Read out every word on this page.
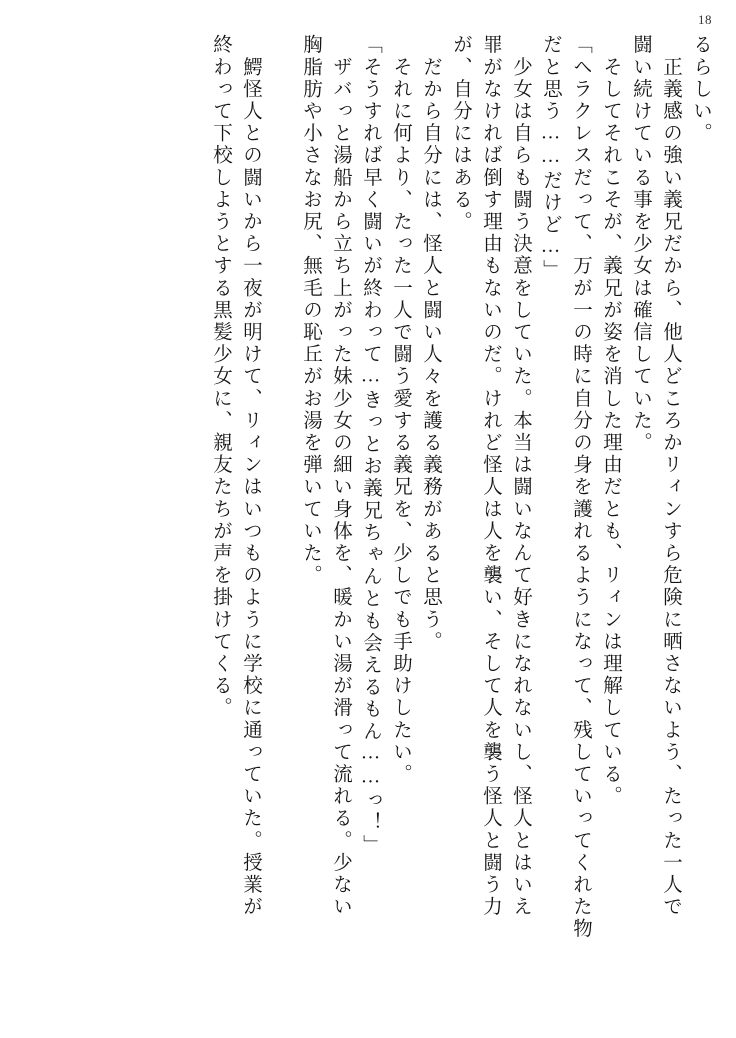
18
るらしい。
　正義感の強い義兄だから、他人どころかリィンすら危険に晒さないよう、たった一人で
闘い続けている事を少女は確信していた。
　そしてそれこそが、義兄が姿を消した理由だとも、リィンは理解している。
「ヘラクレスだって、万が一の時に自分の身を護れるようになって、残していってくれた物
だと思う……だけど…」
　少女は自らも闘う決意をしていた。本当は闘いなんて好きになれないし、怪人とはいえ
罪がなければ倒す理由もないのだ。けれど怪人は人を襲い、そして人を襲う怪人と闘う力
が、自分にはある。
　だから自分には、怪人と闘い人々を護る義務があると思う。
　それに何より、たった一人で闘う愛する義兄を、少しでも手助けしたい。
「そうすれば早く闘いが終わって…きっとお義兄ちゃんとも会えるもん……っ！」
　ザバっと湯船から立ち上がった妹少女の細い身体を、暖かい湯が滑って流れる。少ない
胸脂肪や小さなお尻、無毛の恥丘がお湯を弾いていた。
　鰐怪人との闘いから一夜が明けて、リィンはいつものように学校に通っていた。授業が
終わって下校しようとする黒髪少女に、親友たちが声を掛けてくる。
